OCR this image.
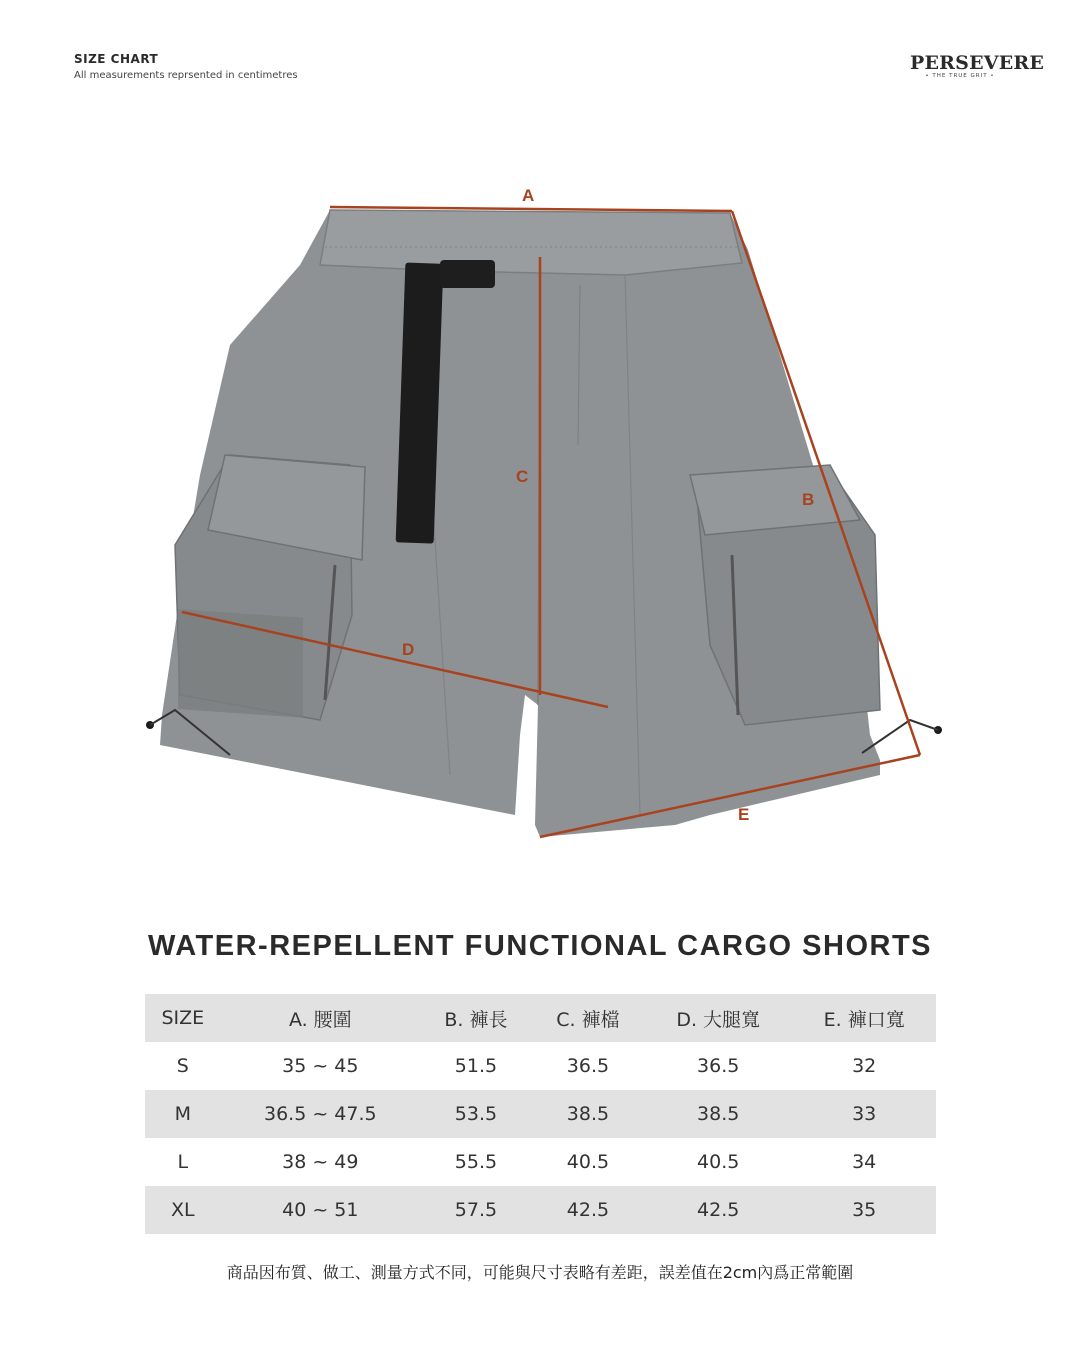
SIZE CHART
All measurements reprsented in centimetres
PERSEVERE
• THE TRUE GRIT •
A
B
C
D
E
WATER-REPELLENT FUNCTIONAL CARGO SHORTS
SIZE	A. 腰圍	B. 褲長	C. 褲檔	D. 大腿寬	E. 褲口寬
S	35 ~ 45	51.5	36.5	36.5	32
M	36.5 ~ 47.5	53.5	38.5	38.5	33
L	38 ~ 49	55.5	40.5	40.5	34
XL	40 ~ 51	57.5	42.5	42.5	35
商品因布質、做工、測量方式不同，可能與尺寸表略有差距，誤差值在2cm內爲正常範圍
